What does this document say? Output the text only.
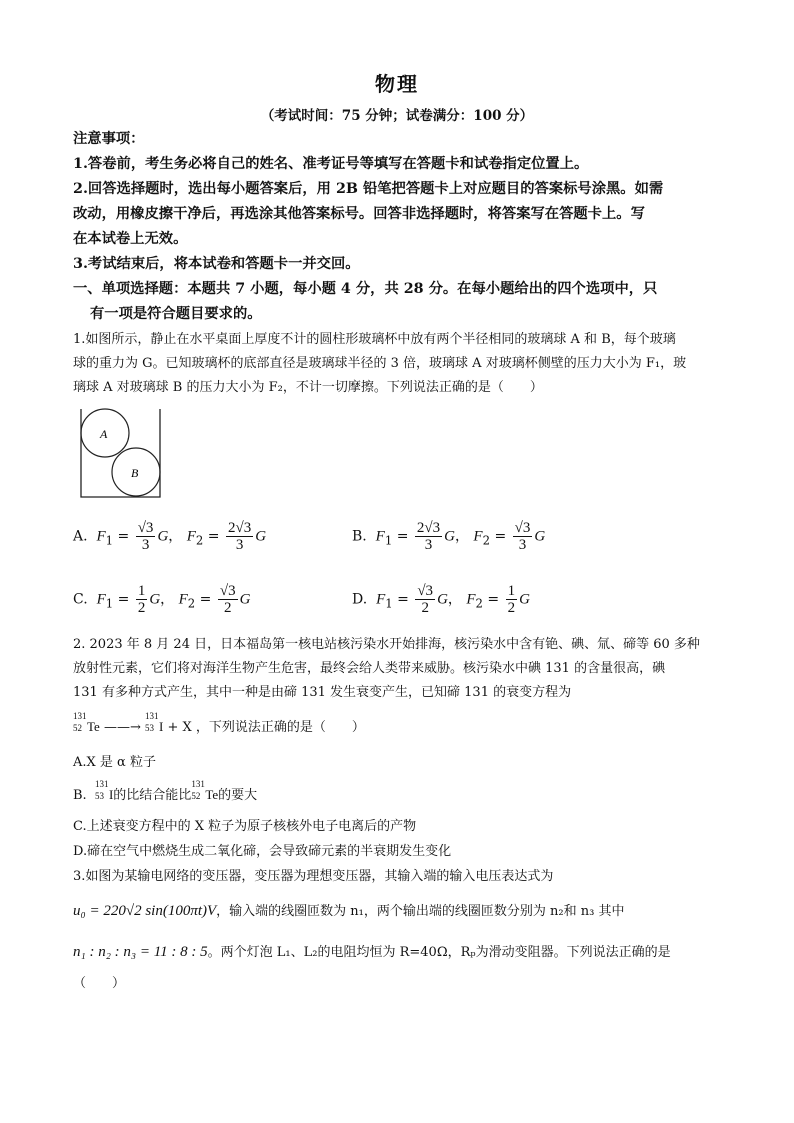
物理
（考试时间：75 分钟；试卷满分：100 分）
注意事项：
1.答卷前，考生务必将自己的姓名、准考证号等填写在答题卡和试卷指定位置上。
2.回答选择题时，选出每小题答案后，用 2B 铅笔把答题卡上对应题目的答案标号涂黑。如需
改动，用橡皮擦干净后，再选涂其他答案标号。回答非选择题时，将答案写在答题卡上。写
在本试卷上无效。
3.考试结束后，将本试卷和答题卡一并交回。
一、单项选择题：本题共 7 小题，每小题 4 分，共 28 分。在每小题给出的四个选项中，只
有一项是符合题目要求的。
1.如图所示，静止在水平桌面上厚度不计的圆柱形玻璃杯中放有两个半径相同的玻璃球 A 和 B，每个玻璃
球的重力为 G。已知玻璃杯的底部直径是玻璃球半径的 3 倍，玻璃球 A 对玻璃杯侧壁的压力大小为 F₁，玻
璃球 A 对玻璃球 B 的压力大小为 F₂，不计一切摩擦。下列说法正确的是（　　）
A
B
A. $F_1 = \frac{√3}{3}$ G， $F_2 = \frac{2√3}{3}$ G	B. $F_1 = \frac{2√3}{3}$ G， $F_2 = \frac{√3}{3}$ G
C. $F_1 = \frac{1}{2}$ G， $F_2 = \frac{√3}{2}$ G	D. $F_1 = \frac{√3}{2}$ G， $F_2 = \frac{1}{2}$ G
2. 2023 年 8 月 24 日，日本福岛第一核电站核污染水开始排海，核污染水中含有铯、碘、氚、碲等 60 多种
放射性元素，它们将对海洋生物产生危害，最终会给人类带来威胁。核污染水中碘 131 的含量很高，碘
131 有多种方式产生，其中一种是由碲 131 发生衰变产生，已知碲 131 的衰变方程为
131
52 Te ——→
131
53 I + X ，下列说法正确的是（　　）
A.X 是 α 粒子
B.
131
53 I的比结合能比
131
52 Te的要大
C.上述衰变方程中的 X 粒子为原子核核外电子电离后的产物
D.碲在空气中燃烧生成二氧化碲，会导致碲元素的半衰期发生变化
3.如图为某输电网络的变压器，变压器为理想变压器，其输入端的输入电压表达式为
u₀ = 220√2 sin(100πt)V，输入端的线圈匝数为 n₁，两个输出端的线圈匝数分别为 n₂和 n₃ 其中
n₁ : n₂ : n₃ = 11 : 8 : 5。两个灯泡 L₁、L₂的电阻均恒为 R=40Ω，Rₚ为滑动变阻器。下列说法正确的是
（　　）
